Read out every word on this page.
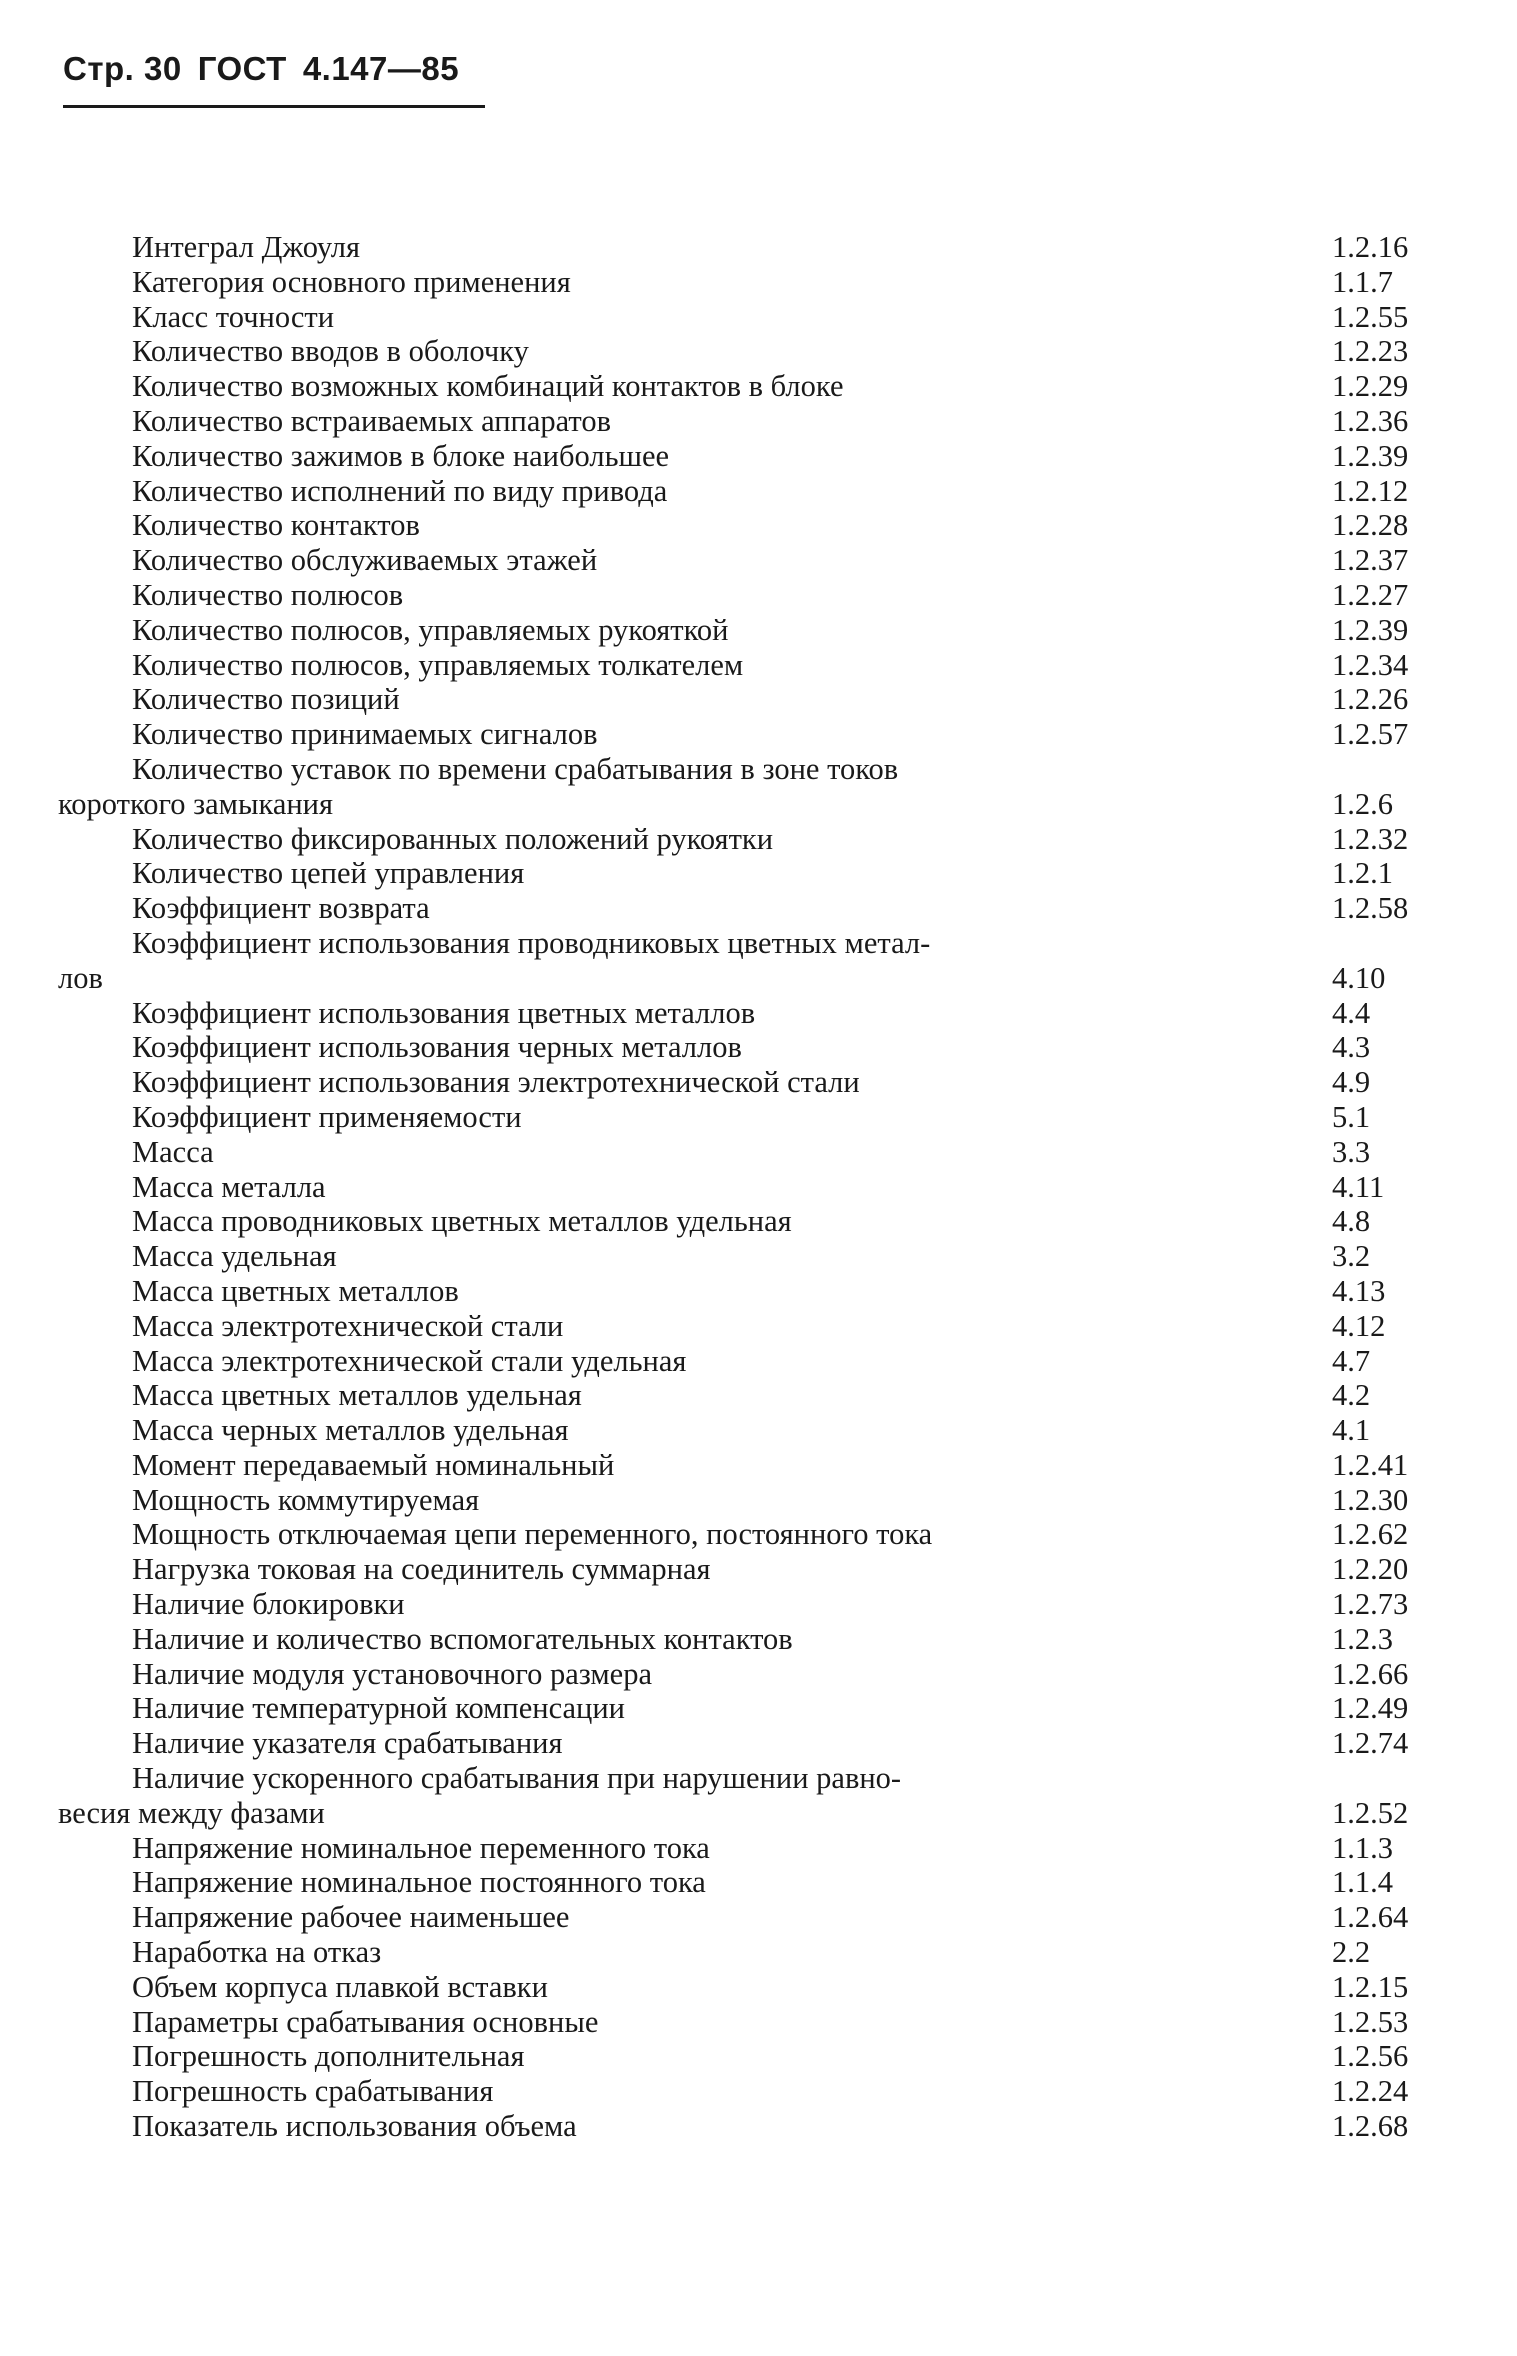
Стр. 30 ГОСТ 4.147—85
Интеграл Джоуля	1.2.16
Категория основного применения	1.1.7
Класс точности	1.2.55
Количество вводов в оболочку	1.2.23
Количество возможных комбинаций контактов в блоке	1.2.29
Количество встраиваемых аппаратов	1.2.36
Количество зажимов в блоке наибольшее	1.2.39
Количество исполнений по виду привода	1.2.12
Количество контактов	1.2.28
Количество обслуживаемых этажей	1.2.37
Количество полюсов	1.2.27
Количество полюсов, управляемых рукояткой	1.2.39
Количество полюсов, управляемых толкателем	1.2.34
Количество позиций	1.2.26
Количество принимаемых сигналов	1.2.57
Количество уставок по времени срабатывания в зоне токов
короткого замыкания	1.2.6
Количество фиксированных положений рукоятки	1.2.32
Количество цепей управления	1.2.1
Коэффициент возврата	1.2.58
Коэффициент использования проводниковых цветных метал-
лов	4.10
Коэффициент использования цветных металлов	4.4
Коэффициент использования черных металлов	4.3
Коэффициент использования электротехнической стали	4.9
Коэффициент применяемости	5.1
Масса	3.3
Масса металла	4.11
Масса проводниковых цветных металлов удельная	4.8
Масса удельная	3.2
Масса цветных металлов	4.13
Масса электротехнической стали	4.12
Масса электротехнической стали удельная	4.7
Масса цветных металлов удельная	4.2
Масса черных металлов удельная	4.1
Момент передаваемый номинальный	1.2.41
Мощность коммутируемая	1.2.30
Мощность отключаемая цепи переменного, постоянного тока	1.2.62
Нагрузка токовая на соединитель суммарная	1.2.20
Наличие блокировки	1.2.73
Наличие и количество вспомогательных контактов	1.2.3
Наличие модуля установочного размера	1.2.66
Наличие температурной компенсации	1.2.49
Наличие указателя срабатывания	1.2.74
Наличие ускоренного срабатывания при нарушении равно-
весия между фазами	1.2.52
Напряжение номинальное переменного тока	1.1.3
Напряжение номинальное постоянного тока	1.1.4
Напряжение рабочее наименьшее	1.2.64
Наработка на отказ	2.2
Объем корпуса плавкой вставки	1.2.15
Параметры срабатывания основные	1.2.53
Погрешность дополнительная	1.2.56
Погрешность срабатывания	1.2.24
Показатель использования объема	1.2.68
